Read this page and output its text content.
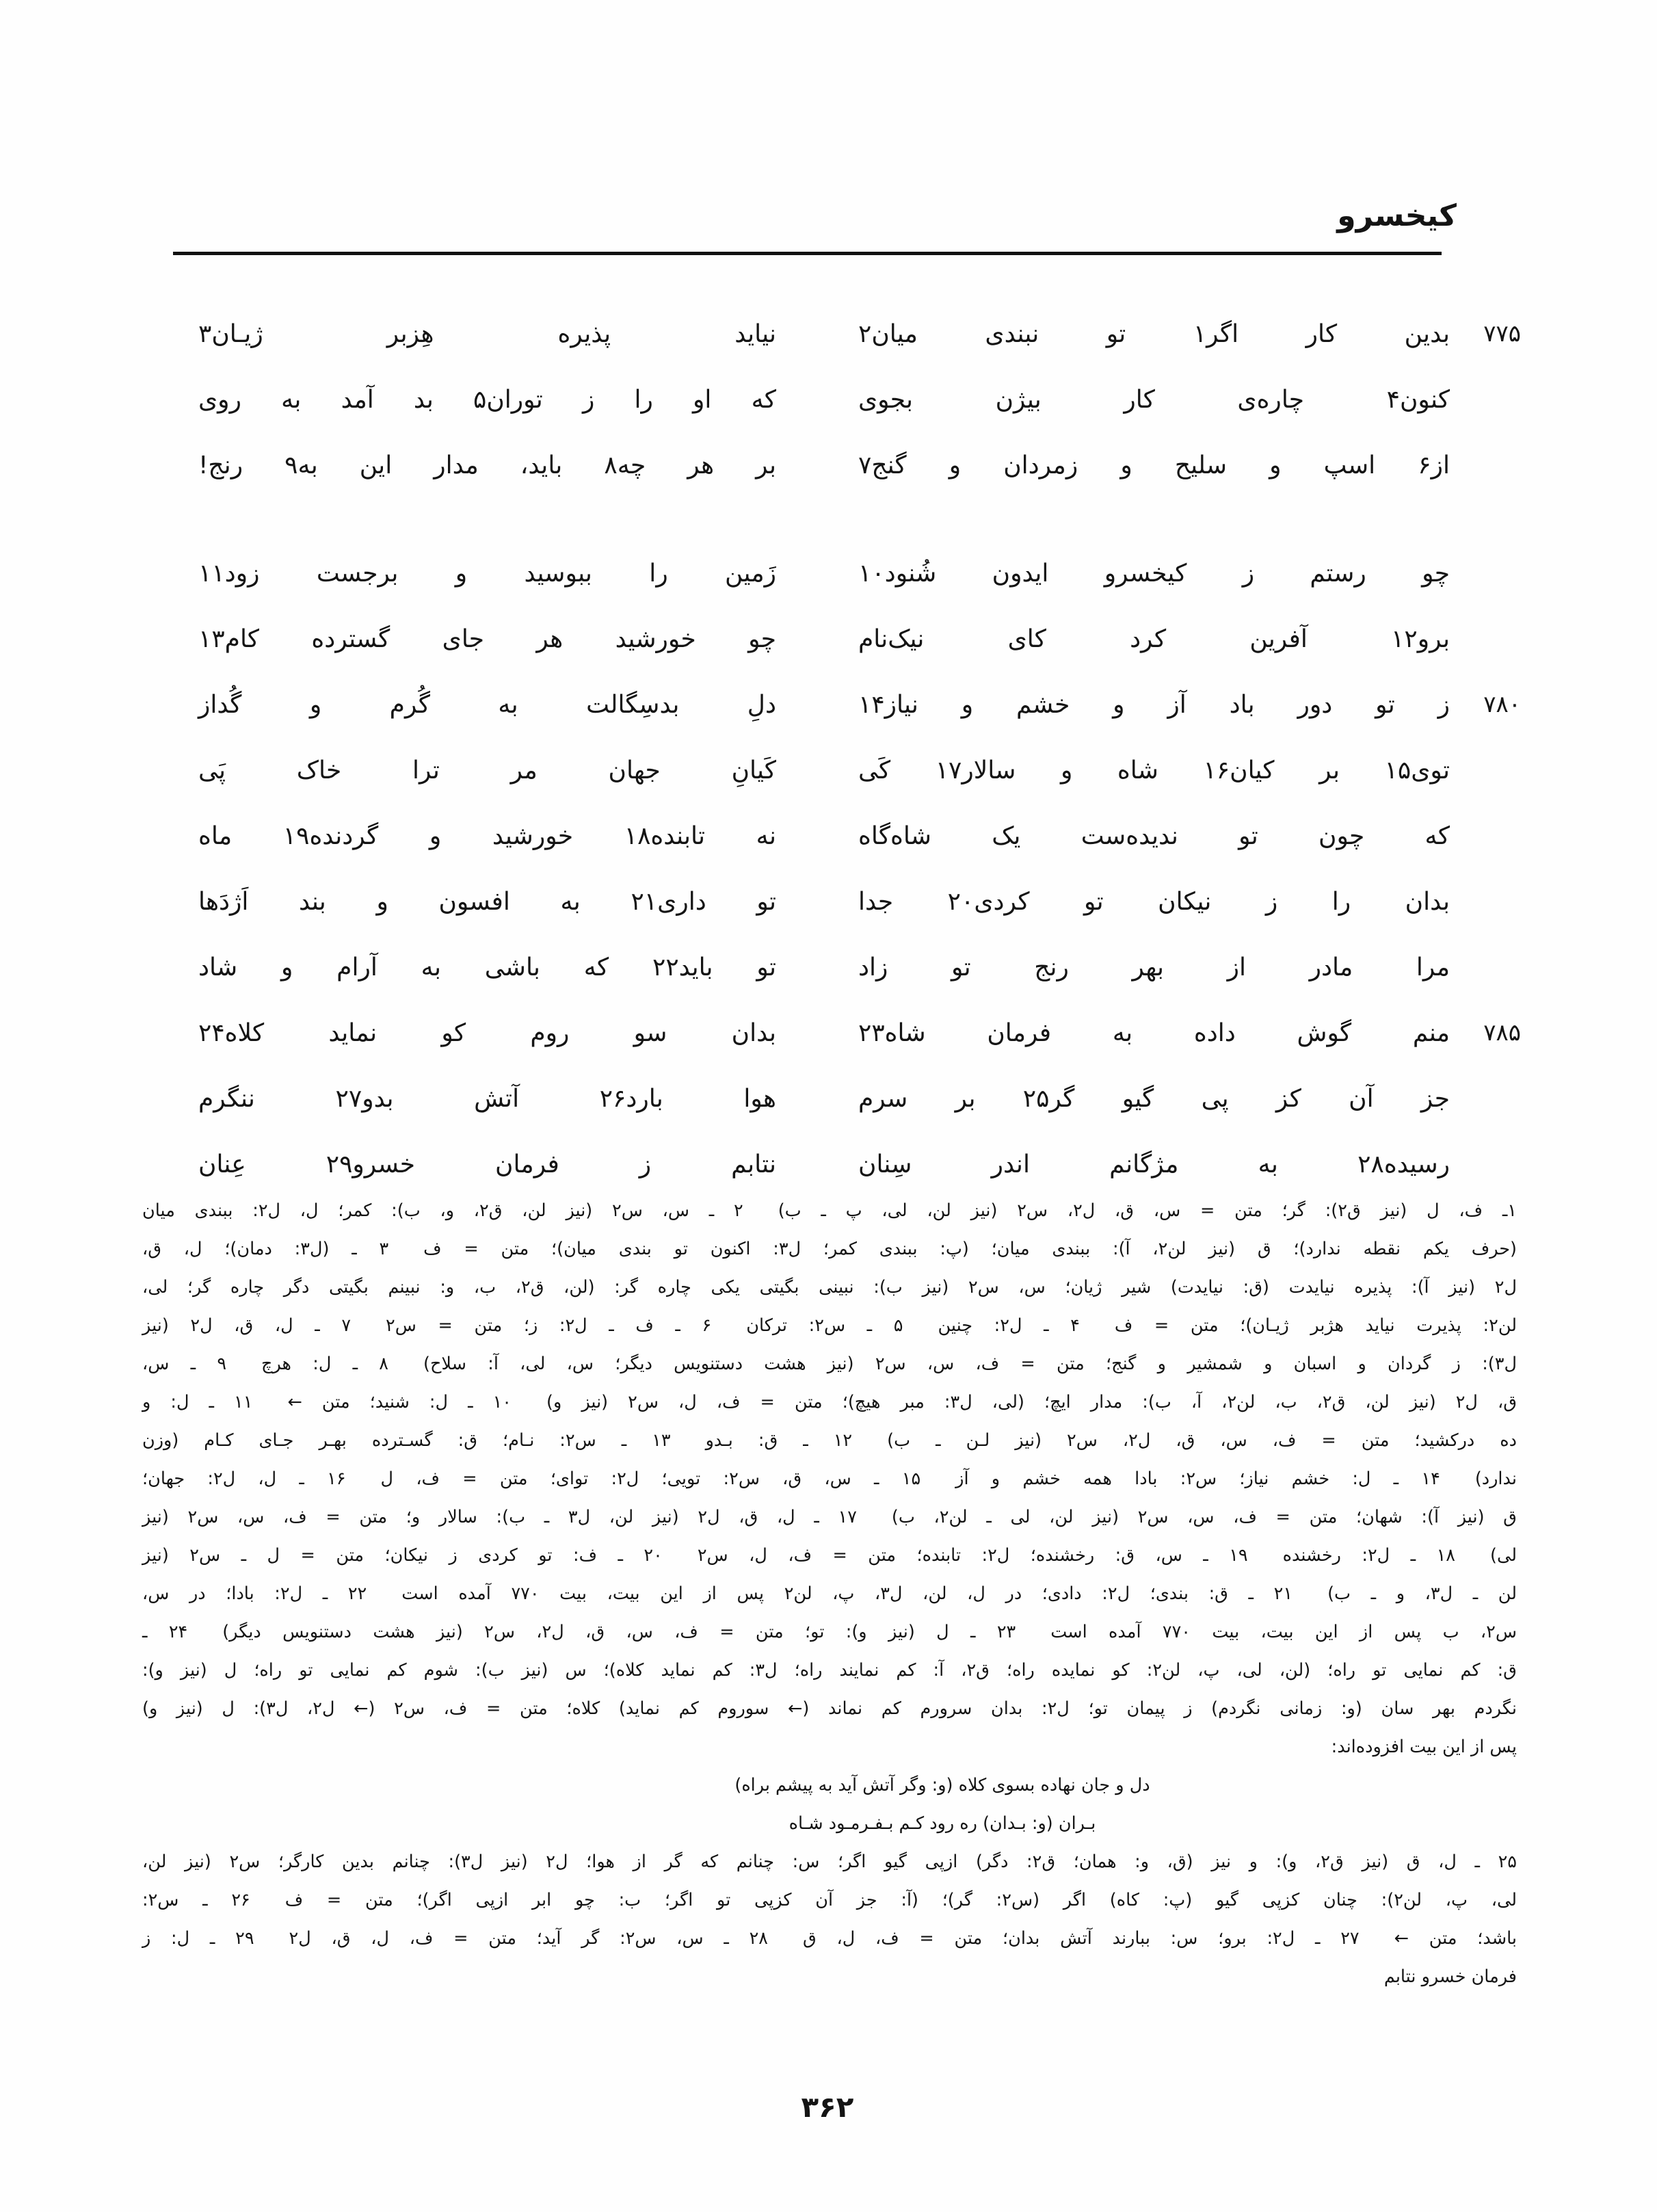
کیخسرو
۷۷۵
بدین کار اگر۱ تو نبندی میان۲
نیاید پذیره هِزبر ژیـان۳
کنون۴ چاره‌ی کار بیژن بجوی
که او را ز توران۵ بد آمد به روی
از۶ اسپ و سلیح و زمردان و گنج۷
بر هر چه۸ باید، مدار این به۹ رنج!
چو رستم ز کیخسرو ایدون شُنود۱۰
زَمین را ببوسید و برجست زود۱۱
برو۱۲ آفرین کرد کای نیک‌نام
چو خورشید هر جای گسترده کام۱۳
۷۸۰
ز تو دور باد آز و خشم و نیاز۱۴
دلِ بدسِگالت به گُرم و گُداز
توی۱۵ بر کیان۱۶ شاه و سالار۱۷ کَی
کَیانِ جهان مر ترا خاک پَی
که چون تو ندیده‌ست یک شاه‌گاه
نه تابنده۱۸ خورشید و گردنده۱۹ ماه
بدان را ز نیکان تو کردی۲۰ جدا
تو داری۲۱ به افسون و بند اَژدَها
مرا مادر از بهر رنج تو زاد
تو باید۲۲ که باشی به آرام و شاد
۷۸۵
منم گوش داده به فرمان شاه۲۳
بدان سو روم کو نماید کلاه۲۴
جز آن کز پی گیو گر۲۵ بر سرم
هوا بارد۲۶ آتش بدو۲۷ ننگرم
رسیده۲۸ به مژگانم اندر سِنان
نتابم ز فرمان خسرو۲۹ عِنان
۱ـ ف، ل (نیز ق۲): گر؛ متن = س، ق، ل۲، س۲ (نیز لن، لی، پ ـ ب)  ۲ ـ س، س۲ (نیز لن، ق۲، و، ب): کمر؛ ل، ل۲: ببندی میان
(حرف یکم نقطه ندارد)؛ ق (نیز لن۲، آ): ببندی میان؛ (پ: ببندی کمر؛ ل۳: اکنون تو بندی میان)؛ متن = ف  ۳ ـ (ل۳: دمان)؛ ل، ق،
ل۲ (نیز آ): پذیره نیایدت (ق: نیایدت) شیر ژیان؛ س، س۲ (نیز ب): نبینی بگیتی یکی چاره گر: (لن، ق۲، ب، و: نبینم بگیتی دگر چاره گر؛ لی،
لن۲: پذیرت نیاید هژبر ژیـان)؛ متن = ف  ۴ ـ ل۲: چنین  ۵ ـ س۲: ترکان  ۶ ـ ف ـ ل۲: ز؛ متن = س۲  ۷ ـ ل، ق، ل۲ (نیز
ل۳): ز گردان و اسبان و شمشیر و گنج؛ متن = ف، س، س۲ (نیز هشت دستنویس دیگر؛ س، لی، آ: سلاح)  ۸ ـ ل: هرچ  ۹ ـ س،
ق، ل۲ (نیز لن، ق۲، ب، لن۲، آ، ب): مدار ایچ؛ (لی، ل۳: مبر هیچ)؛ متن = ف، ل، س۲ (نیز و)  ۱۰ ـ ل: شنید؛ متن ←  ۱۱ ـ ل: و
ده درکشید؛ متن = ف، س، ق، ل۲، س۲ (نیز لـن ـ ب)  ۱۲ ـ ق: بـدو  ۱۳ ـ س۲: نـام؛ ق: گسـترده بهـر جـای کـام (وزن
ندارد)  ۱۴ ـ ل: خشم نیاز؛ س۲: بادا همه خشم و آز  ۱۵ ـ س، ق، س۲: تویی؛ ل۲: توای؛ متن = ف، ل  ۱۶ ـ ل، ل۲: جهان؛
ق (نیز آ): شهان؛ متن = ف، س، س۲ (نیز لن، لی ـ لن۲، ب)  ۱۷ ـ ل، ق، ل۲ (نیز لن، ل۳ ـ ب): سالار و؛ متن = ف، س، س۲ (نیز
لی)  ۱۸ ـ ل۲: رخشنده  ۱۹ ـ س، ق: رخشنده؛ ل۲: تابنده؛ متن = ف، ل، س۲  ۲۰ ـ ف: تو کردی ز نیکان؛ متن = ل ـ س۲ (نیز
لن ـ ل۳، و ـ ب)  ۲۱ ـ ق: بندی؛ ل۲: دادی؛ در ل، لن، ل۳، پ، لن۲ پس از این بیت، بیت ۷۷۰ آمده است  ۲۲ ـ ل۲: بادا؛ در س،
س۲، ب پس از این بیت، بیت ۷۷۰ آمده است  ۲۳ ـ ل (نیز و): تو؛ متن = ف، س، ق، ل۲، س۲ (نیز هشت دستنویس دیگر)  ۲۴ ـ
ق: کم نمایی تو راه؛ (لن، لی، پ، لن۲: کو نمایده راه؛ ق۲، آ: کم نمایند راه؛ ل۳: کم نماید کلاه)؛ س (نیز ب): شوم کم نمایی تو راه؛ ل (نیز و):
نگردم بهر سان (و: زمانی نگردم) ز پیمان تو؛ ل۲: بدان سرورم کم نماند (← سوروم کم نماید) کلاه؛ متن = ف، س۲ (← ل۲، ل۳): ل (نیز و)
پس از این بیت افزوده‌اند:
دل و جان نهاده بسوی کلاه (و: وگر آتش آید به پیشم براه)
بـران (و: بـدان) ره رود کـم بـفـرمـود شـاه
۲۵ ـ ل، ق (نیز ق۲، و): و نیز (ق، و: همان؛ ق۲: دگر) ازپی گیو اگر؛ س: چنانم که گر از هوا؛ ل۲ (نیز ل۳): چنانم بدین کارگر؛ س۲ (نیز لن،
لی، پ، لن۲): چنان کزپی گیو (پ: کاه) اگر (س۲: گر)؛ (آ: جز آن کزپی تو اگر؛ ب: چو ابر ازپی اگر)؛ متن = ف  ۲۶ ـ س۲:
باشد؛ متن ←  ۲۷ ـ ل۲: برو؛ س: ببارند آتش بدان؛ متن = ف، ل، ق  ۲۸ ـ س، س۲: گر آید؛ متن = ف، ل، ق، ل۲  ۲۹ ـ ل: ز
فرمان خسرو نتابم
۳۶۲
